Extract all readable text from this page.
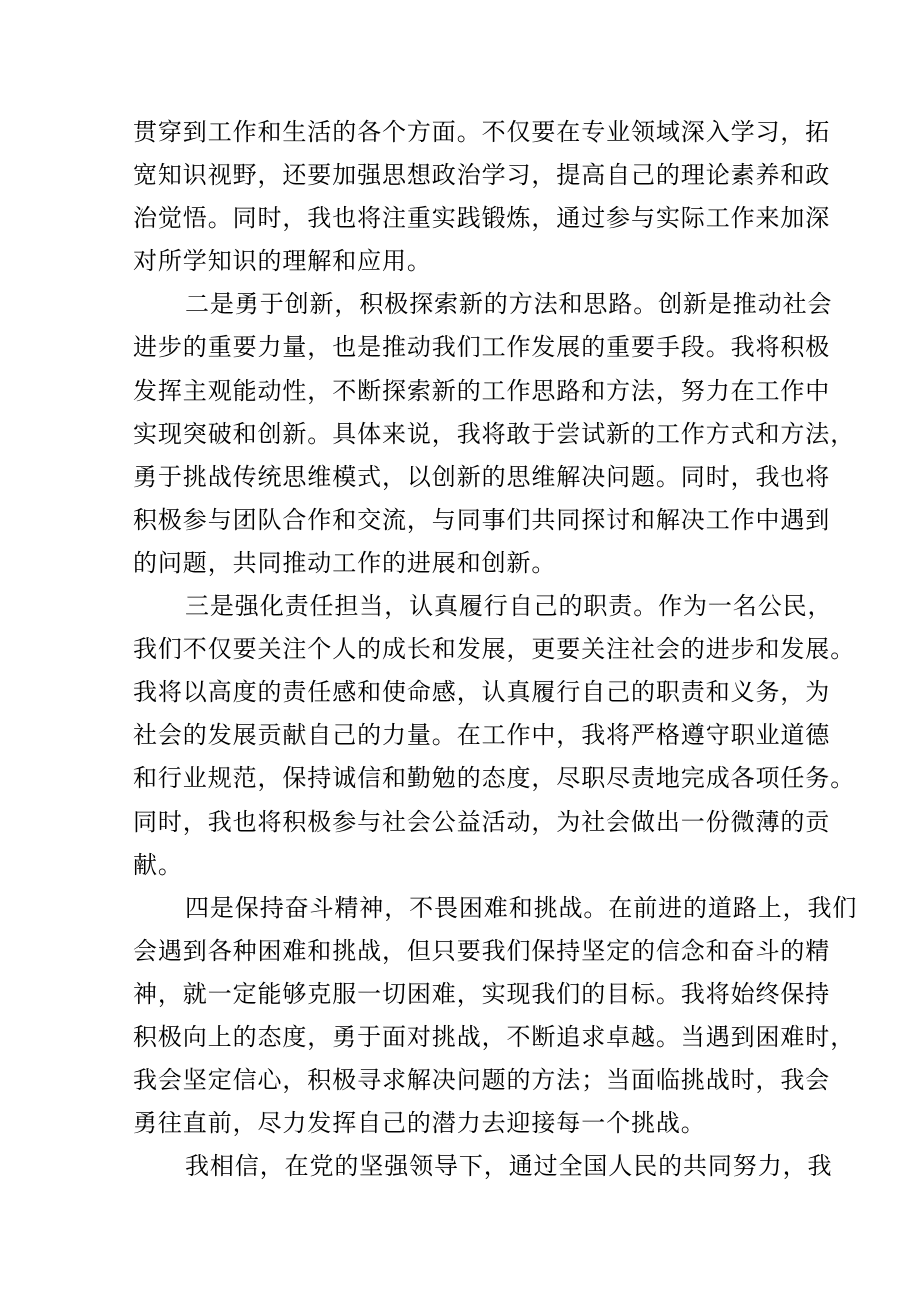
贯穿到工作和生活的各个方面。不仅要在专业领域深入学习，拓
宽知识视野，还要加强思想政治学习，提高自己的理论素养和政
治觉悟。同时，我也将注重实践锻炼，通过参与实际工作来加深
对所学知识的理解和应用。
二是勇于创新，积极探索新的方法和思路。创新是推动社会
进步的重要力量，也是推动我们工作发展的重要手段。我将积极
发挥主观能动性，不断探索新的工作思路和方法，努力在工作中
实现突破和创新。具体来说，我将敢于尝试新的工作方式和方法，
勇于挑战传统思维模式，以创新的思维解决问题。同时，我也将
积极参与团队合作和交流，与同事们共同探讨和解决工作中遇到
的问题，共同推动工作的进展和创新。
三是强化责任担当，认真履行自己的职责。作为一名公民，
我们不仅要关注个人的成长和发展，更要关注社会的进步和发展。
我将以高度的责任感和使命感，认真履行自己的职责和义务，为
社会的发展贡献自己的力量。在工作中，我将严格遵守职业道德
和行业规范，保持诚信和勤勉的态度，尽职尽责地完成各项任务。
同时，我也将积极参与社会公益活动，为社会做出一份微薄的贡
献。
四是保持奋斗精神，不畏困难和挑战。在前进的道路上，我们
会遇到各种困难和挑战，但只要我们保持坚定的信念和奋斗的精
神，就一定能够克服一切困难，实现我们的目标。我将始终保持
积极向上的态度，勇于面对挑战，不断追求卓越。当遇到困难时，
我会坚定信心，积极寻求解决问题的方法；当面临挑战时，我会
勇往直前，尽力发挥自己的潜力去迎接每一个挑战。
我相信，在党的坚强领导下，通过全国人民的共同努力，我
